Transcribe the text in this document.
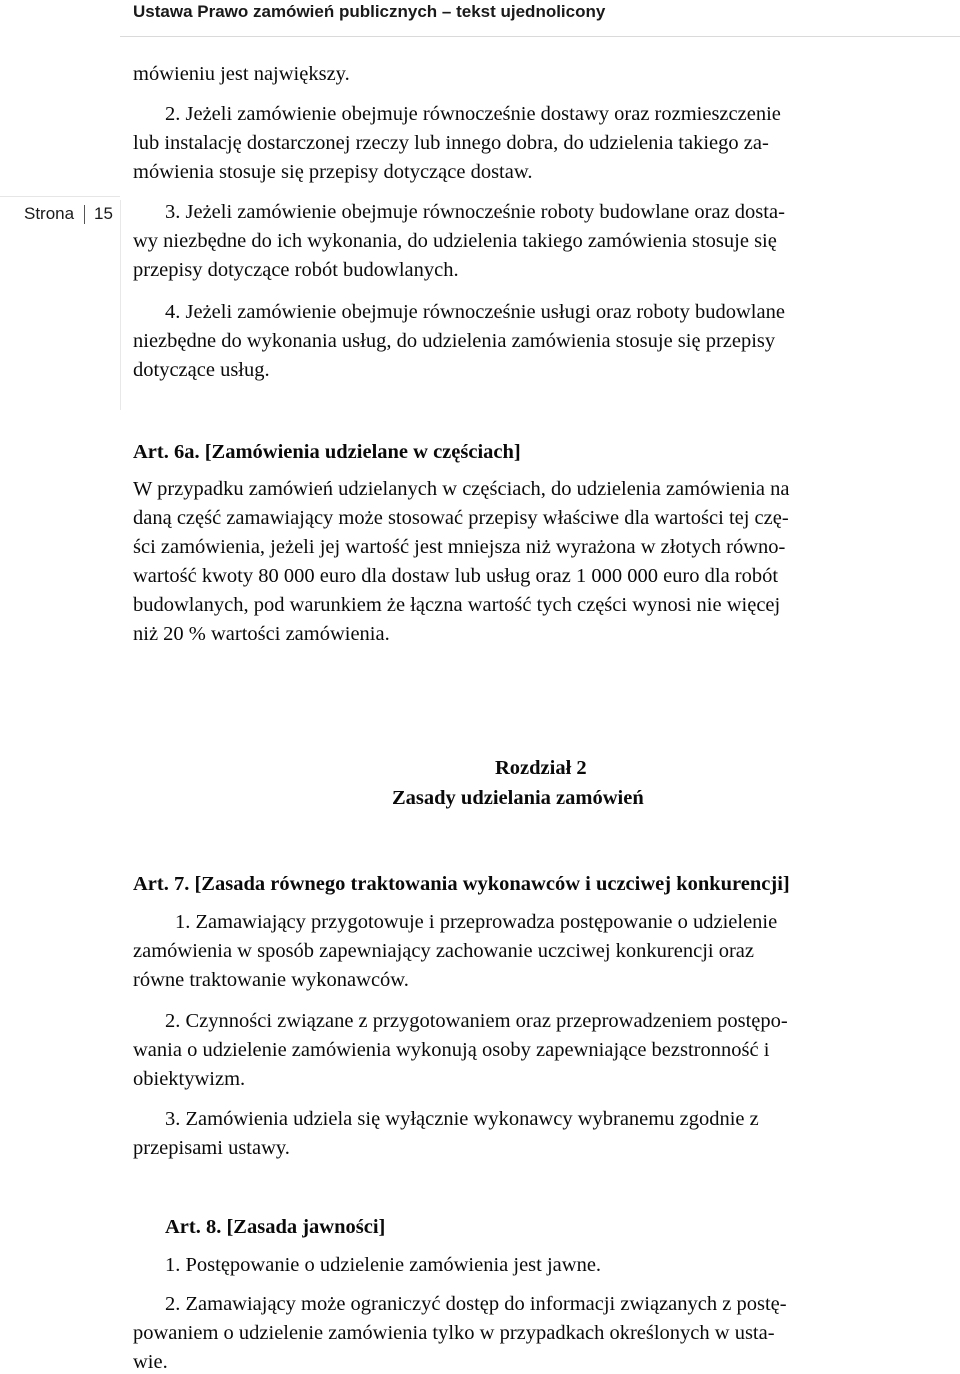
Ustawa Prawo zamówień publicznych – tekst ujednolicony
Strona 15
mówieniu jest największy.
2. Jeżeli zamówienie obejmuje równocześnie dostawy oraz rozmieszczenie
lub instalację dostarczonej rzeczy lub innego dobra, do udzielenia takiego za-
mówienia stosuje się przepisy dotyczące dostaw.
3. Jeżeli zamówienie obejmuje równocześnie roboty budowlane oraz dosta-
wy niezbędne do ich wykonania, do udzielenia takiego zamówienia stosuje się
przepisy dotyczące robót budowlanych.
4. Jeżeli zamówienie obejmuje równocześnie usługi oraz roboty budowlane
niezbędne do wykonania usług, do udzielenia zamówienia stosuje się przepisy
dotyczące usług.
Art. 6a. [Zamówienia udzielane w częściach]
W przypadku zamówień udzielanych w częściach, do udzielenia zamówienia na
daną część zamawiający może stosować przepisy właściwe dla wartości tej czę-
ści zamówienia, jeżeli jej wartość jest mniejsza niż wyrażona w złotych równo-
wartość kwoty 80 000 euro dla dostaw lub usług oraz 1 000 000 euro dla robót
budowlanych, pod warunkiem że łączna wartość tych części wynosi nie więcej
niż 20 % wartości zamówienia.
Rozdział 2
Zasady udzielania zamówień
Art. 7. [Zasada równego traktowania wykonawców i uczciwej konkurencji]
1. Zamawiający przygotowuje i przeprowadza postępowanie o udzielenie
zamówienia w sposób zapewniający zachowanie uczciwej konkurencji oraz
równe traktowanie wykonawców.
2. Czynności związane z przygotowaniem oraz przeprowadzeniem postępo-
wania o udzielenie zamówienia wykonują osoby zapewniające bezstronność i
obiektywizm.
3. Zamówienia udziela się wyłącznie wykonawcy wybranemu zgodnie z
przepisami ustawy.
Art. 8. [Zasada jawności]
1. Postępowanie o udzielenie zamówienia jest jawne.
2. Zamawiający może ograniczyć dostęp do informacji związanych z postę-
powaniem o udzielenie zamówienia tylko w przypadkach określonych w usta-
wie.
